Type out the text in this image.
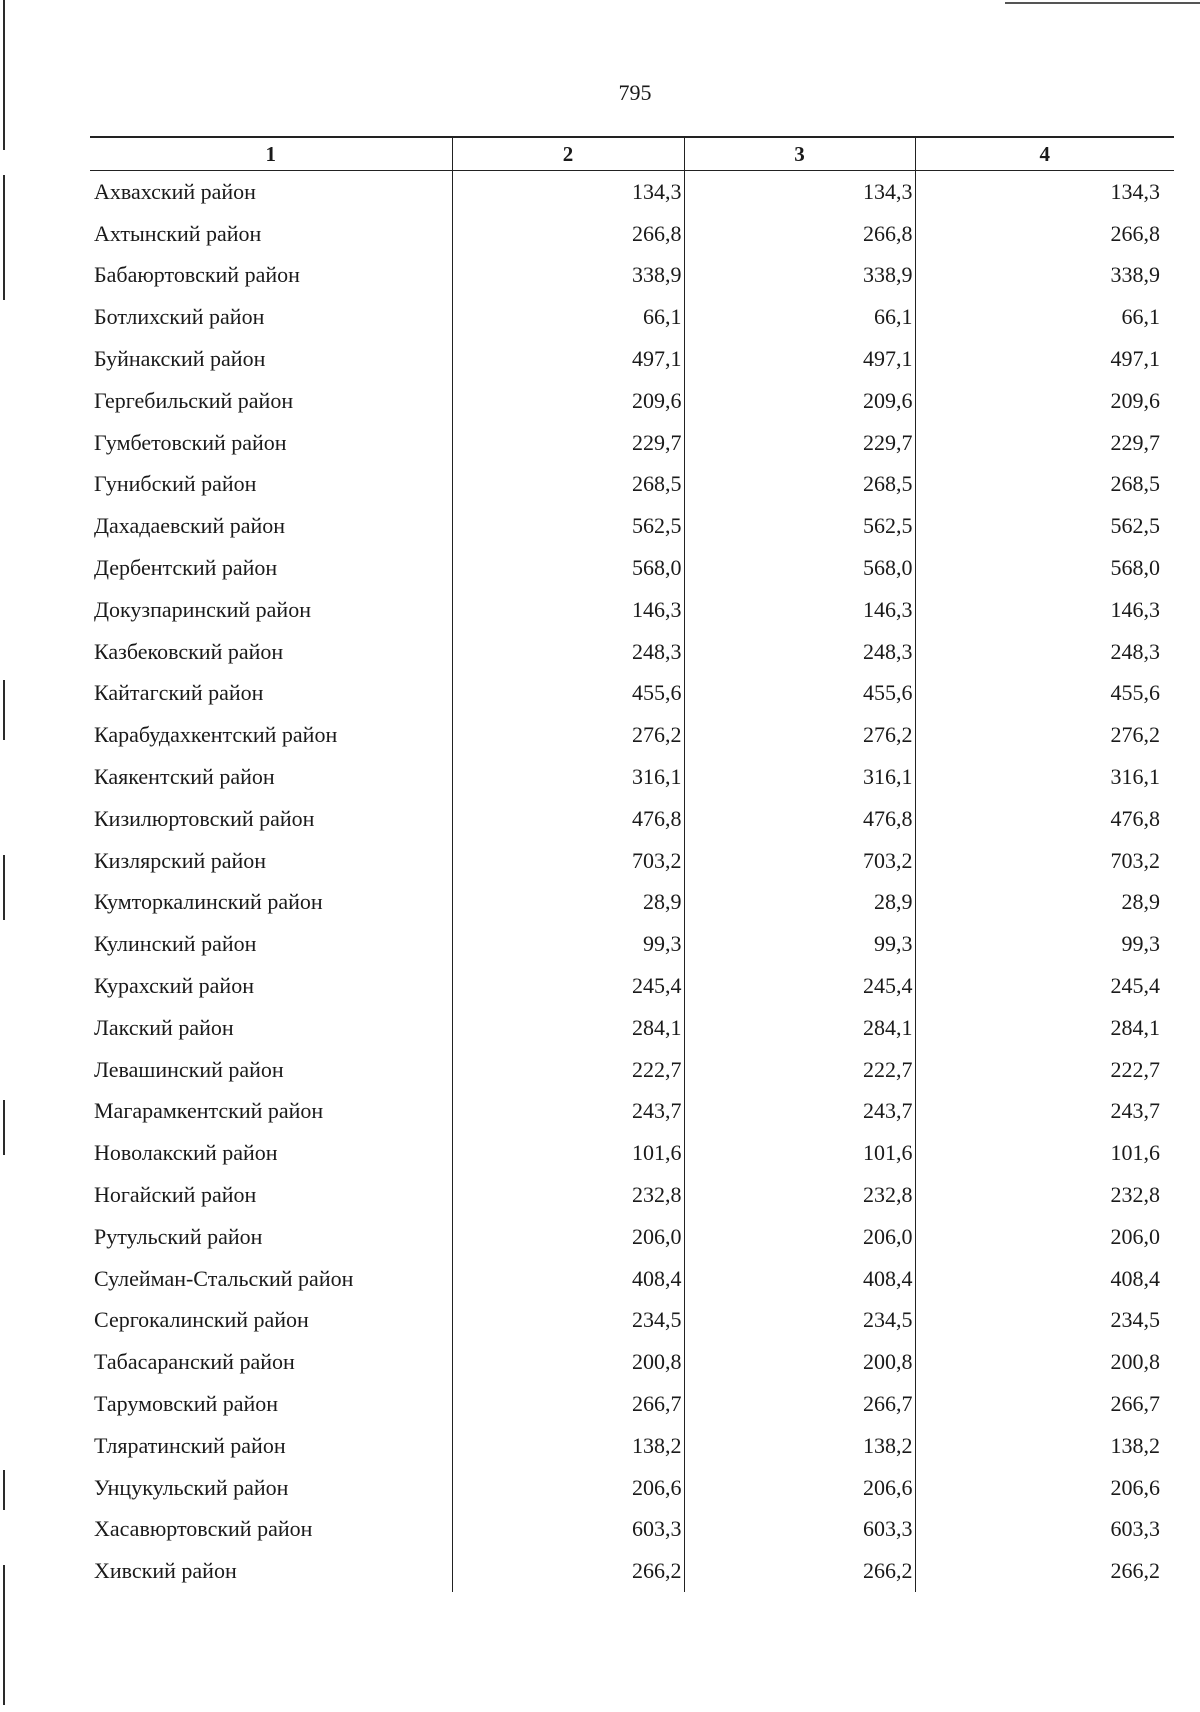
795
1	2	3	4
Ахвахский район	134,3	134,3	134,3
Ахтынский район	266,8	266,8	266,8
Бабаюртовский район	338,9	338,9	338,9
Ботлихский район	66,1	66,1	66,1
Буйнакский район	497,1	497,1	497,1
Гергебильский район	209,6	209,6	209,6
Гумбетовский район	229,7	229,7	229,7
Гунибский район	268,5	268,5	268,5
Дахадаевский район	562,5	562,5	562,5
Дербентский район	568,0	568,0	568,0
Докузпаринский район	146,3	146,3	146,3
Казбековский район	248,3	248,3	248,3
Кайтагский район	455,6	455,6	455,6
Карабудахкентский район	276,2	276,2	276,2
Каякентский район	316,1	316,1	316,1
Кизилюртовский район	476,8	476,8	476,8
Кизлярский район	703,2	703,2	703,2
Кумторкалинский район	28,9	28,9	28,9
Кулинский район	99,3	99,3	99,3
Курахский район	245,4	245,4	245,4
Лакский район	284,1	284,1	284,1
Левашинский район	222,7	222,7	222,7
Магарамкентский район	243,7	243,7	243,7
Новолакский район	101,6	101,6	101,6
Ногайский район	232,8	232,8	232,8
Рутульский район	206,0	206,0	206,0
Сулейман-Стальский район	408,4	408,4	408,4
Сергокалинский район	234,5	234,5	234,5
Табасаранский район	200,8	200,8	200,8
Тарумовский район	266,7	266,7	266,7
Тляратинский район	138,2	138,2	138,2
Унцукульский район	206,6	206,6	206,6
Хасавюртовский район	603,3	603,3	603,3
Хивский район	266,2	266,2	266,2
